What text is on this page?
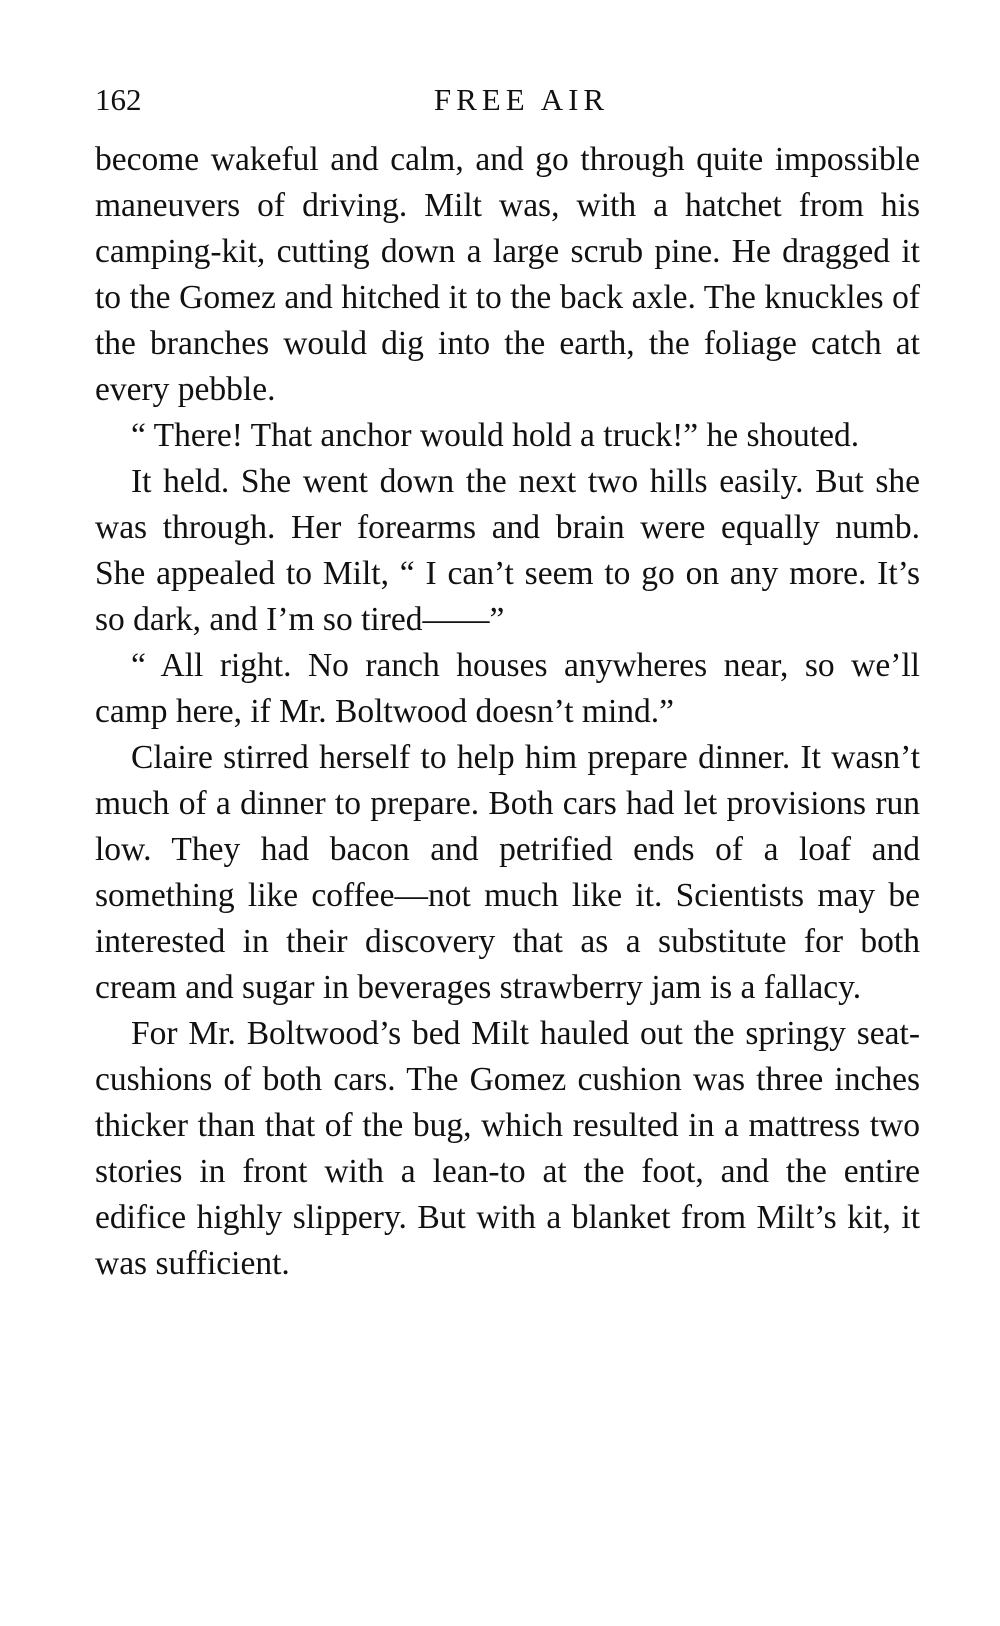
162	FREE AIR

become wakeful and calm, and go through quite impossible maneuvers of driving. Milt was, with a hatchet from his camping-kit, cutting down a large scrub pine. He dragged it to the Gomez and hitched it to the back axle. The knuckles of the branches would dig into the earth, the foliage catch at every pebble.

“ There! That anchor would hold a truck!” he shouted.

It held. She went down the next two hills easily. But she was through. Her forearms and brain were equally numb. She appealed to Milt, “ I can’t seem to go on any more. It’s so dark, and I’m so tired——”

“ All right. No ranch houses anywheres near, so we’ll camp here, if Mr. Boltwood doesn’t mind.”

Claire stirred herself to help him prepare dinner. It wasn’t much of a dinner to prepare. Both cars had let provisions run low. They had bacon and petrified ends of a loaf and something like coffee—not much like it. Scientists may be interested in their discovery that as a substitute for both cream and sugar in beverages strawberry jam is a fallacy.

For Mr. Boltwood’s bed Milt hauled out the springy seat-cushions of both cars. The Gomez cushion was three inches thicker than that of the bug, which resulted in a mattress two stories in front with a lean-to at the foot, and the entire edifice highly slippery. But with a blanket from Milt’s kit, it was sufficient.
